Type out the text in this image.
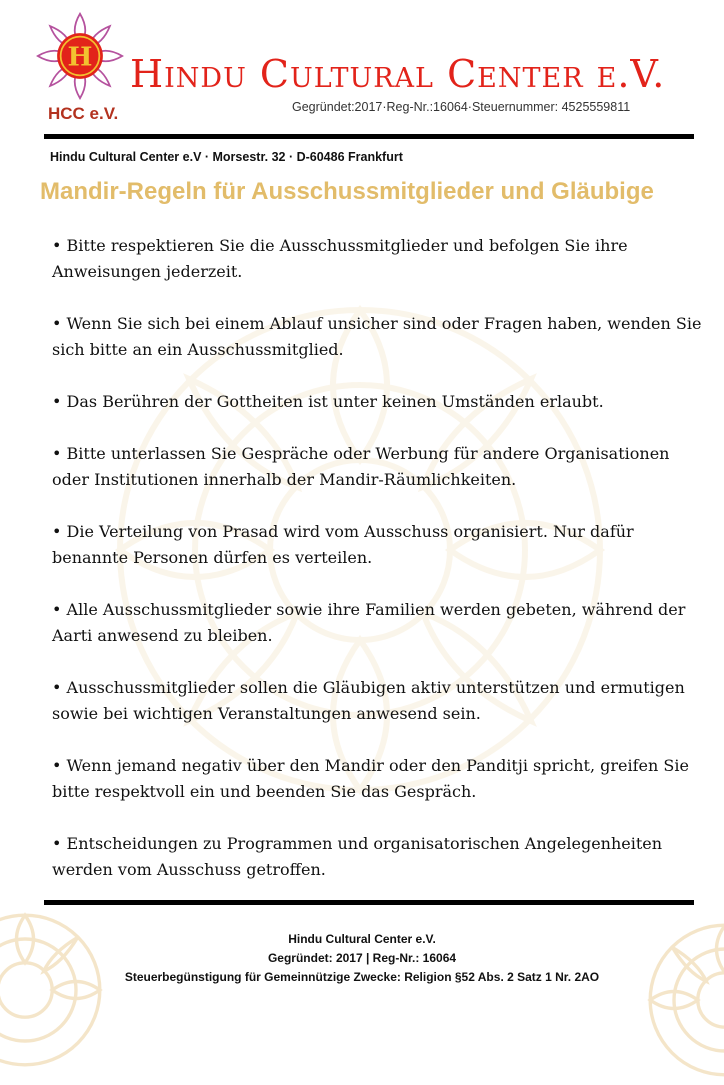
H Hindu Cultural Center e.V.
HCC e.V.	Gegründet:2017·Reg-Nr.:16064·Steuernummer: 4525559811
Hindu Cultural Center e.V · Morsestr. 32 · D-60486 Frankfurt
Mandir-Regeln für Ausschussmitglieder und Gläubige
• Bitte respektieren Sie die Ausschussmitglieder und befolgen Sie ihre Anweisungen jederzeit.
• Wenn Sie sich bei einem Ablauf unsicher sind oder Fragen haben, wenden Sie sich bitte an ein Ausschussmitglied.
• Das Berühren der Gottheiten ist unter keinen Umständen erlaubt.
• Bitte unterlassen Sie Gespräche oder Werbung für andere Organisationen oder Institutionen innerhalb der Mandir-Räumlichkeiten.
• Die Verteilung von Prasad wird vom Ausschuss organisiert. Nur dafür benannte Personen dürfen es verteilen.
• Alle Ausschussmitglieder sowie ihre Familien werden gebeten, während der Aarti anwesend zu bleiben.
• Ausschussmitglieder sollen die Gläubigen aktiv unterstützen und ermutigen sowie bei wichtigen Veranstaltungen anwesend sein.
• Wenn jemand negativ über den Mandir oder den Panditji spricht, greifen Sie bitte respektvoll ein und beenden Sie das Gespräch.
• Entscheidungen zu Programmen und organisatorischen Angelegenheiten werden vom Ausschuss getroffen.
Hindu Cultural Center e.V.
Gegründet: 2017 | Reg-Nr.: 16064
Steuerbegünstigung für Gemeinnützige Zwecke: Religion §52 Abs. 2 Satz 1 Nr. 2AO
